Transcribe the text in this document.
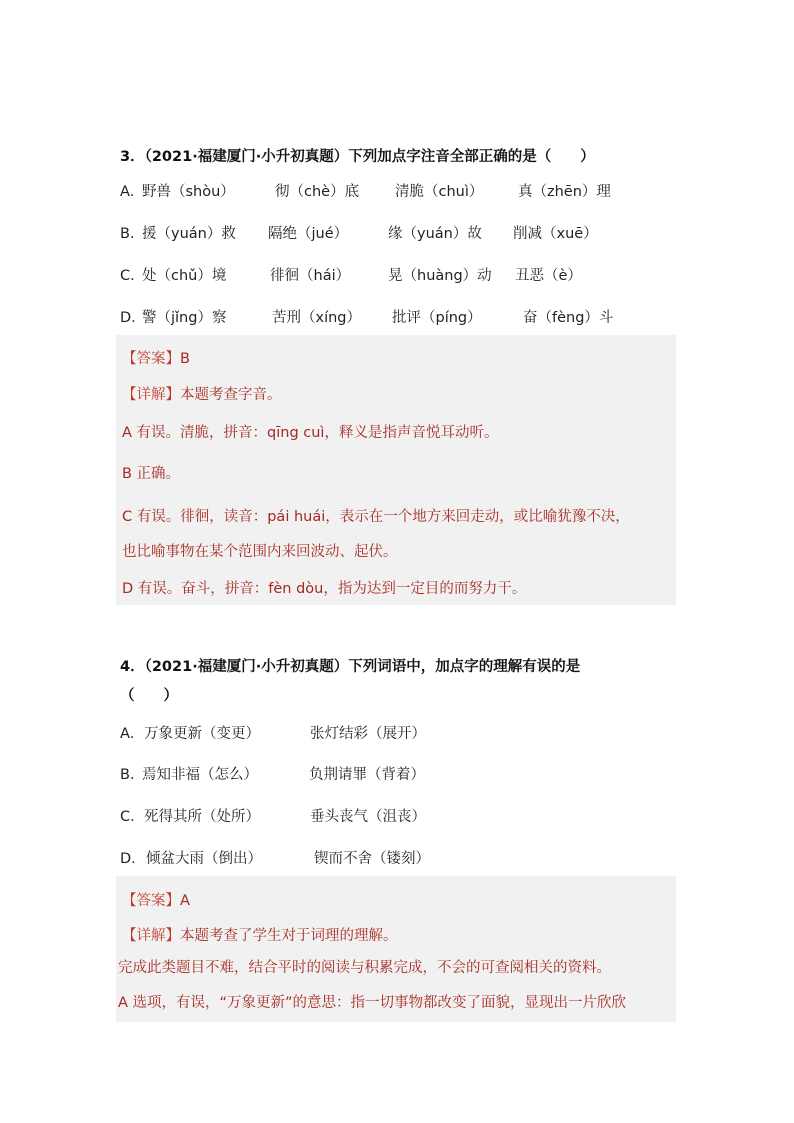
3．（2021·福建厦门·小升初真题）下列加点字注音全部正确的是（　　）
A．
野兽（shòu）	彻（chè）底 清脆（chuì） 真（zhēn）理
B．
援（yuán）救 隔绝（jué）	缘（yuán）故 削减（xuē）
C．
处（chǔ）境	徘徊（hái）	晃（huàng）动 丑恶（è）
D．
警（jǐng）察	苦刑（xíng） 批评（píng）	奋（fèng）斗
【答案】B
【详解】本题考查字音。
A 有误。清脆，拼音：qīng cuì，释义是指声音悦耳动听。
B 正确。
C 有误。徘徊，读音：pái huái，表示在一个地方来回走动，或比喻犹豫不决，
也比喻事物在某个范围内来回波动、起伏。
D 有误。奋斗，拼音：fèn dòu，指为达到一定目的而努力干。
4．（2021·福建厦门·小升初真题）下列词语中，加点字的理解有误的是
（　　）
A． 万象更新（变更）	张灯结彩（展开）
B．
焉知非福（怎么）	负荆请罪（背着）
C． 死得其所（处所）	垂头丧气（沮丧）
D． 倾盆大雨（倒出）	锲而不舍（镂刻）
【答案】A
【详解】本题考查了学生对于词理的理解。
完成此类题目不难，结合平时的阅读与积累完成，不会的可查阅相关的资料。
A 选项，有误，“万象更新”的意思：指一切事物都改变了面貌，显现出一片欣欣
